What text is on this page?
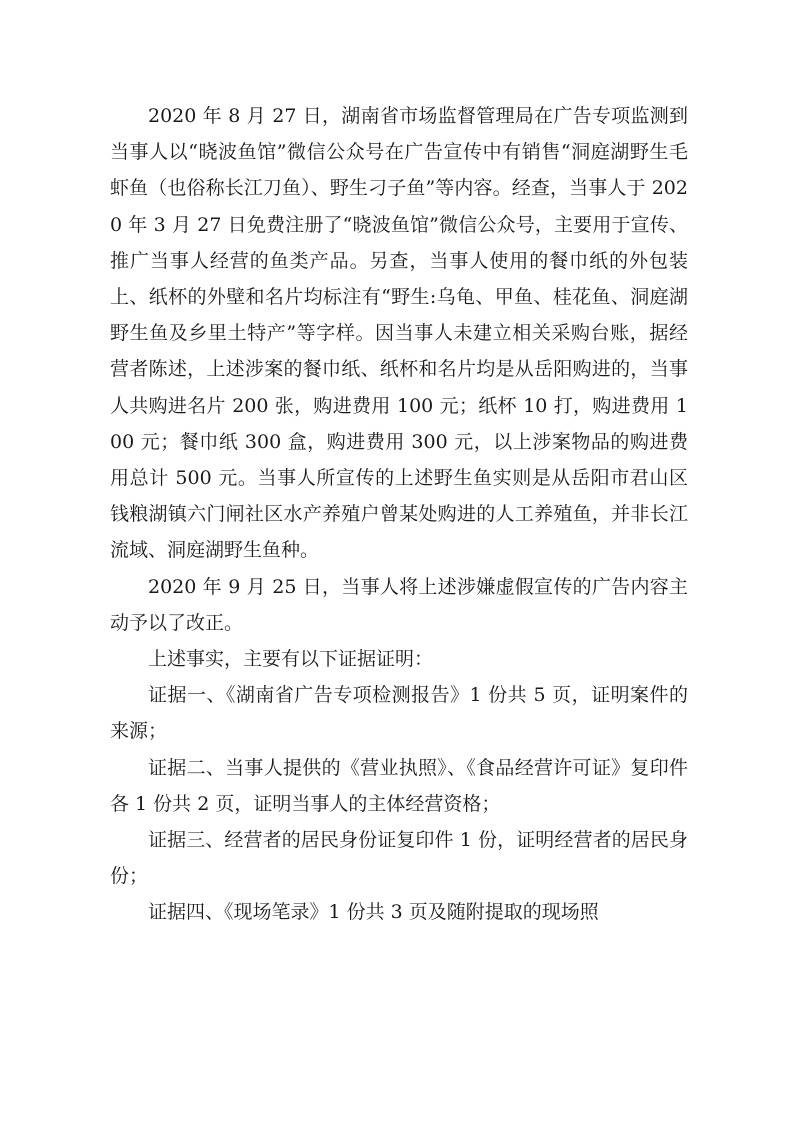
2020 年 8 月 27 日，湖南省市场监督管理局在广告专项监测到当事人以“晓波鱼馆”微信公众号在广告宣传中有销售“洞庭湖野生毛虾鱼（也俗称长江刀鱼）、野生刁子鱼”等内容。经查，当事人于 2020 年 3 月 27 日免费注册了“晓波鱼馆”微信公众号，主要用于宣传、推广当事人经营的鱼类产品。另查，当事人使用的餐巾纸的外包装上、纸杯的外壁和名片均标注有“野生:乌龟、甲鱼、桂花鱼、洞庭湖野生鱼及乡里土特产”等字样。因当事人未建立相关采购台账，据经营者陈述，上述涉案的餐巾纸、纸杯和名片均是从岳阳购进的，当事人共购进名片 200 张，购进费用 100 元；纸杯 10 打，购进费用 100 元；餐巾纸 300 盒，购进费用 300 元，以上涉案物品的购进费用总计 500 元。当事人所宣传的上述野生鱼实则是从岳阳市君山区钱粮湖镇六门闸社区水产养殖户曾某处购进的人工养殖鱼，并非长江流域、洞庭湖野生鱼种。

2020 年 9 月 25 日，当事人将上述涉嫌虚假宣传的广告内容主动予以了改正。

上述事实，主要有以下证据证明：

证据一、《湖南省广告专项检测报告》1 份共 5 页，证明案件的来源；

证据二、当事人提供的《营业执照》、《食品经营许可证》复印件各 1 份共 2 页，证明当事人的主体经营资格；

证据三、经营者的居民身份证复印件 1 份，证明经营者的居民身份；

证据四、《现场笔录》1 份共 3 页及随附提取的现场照
